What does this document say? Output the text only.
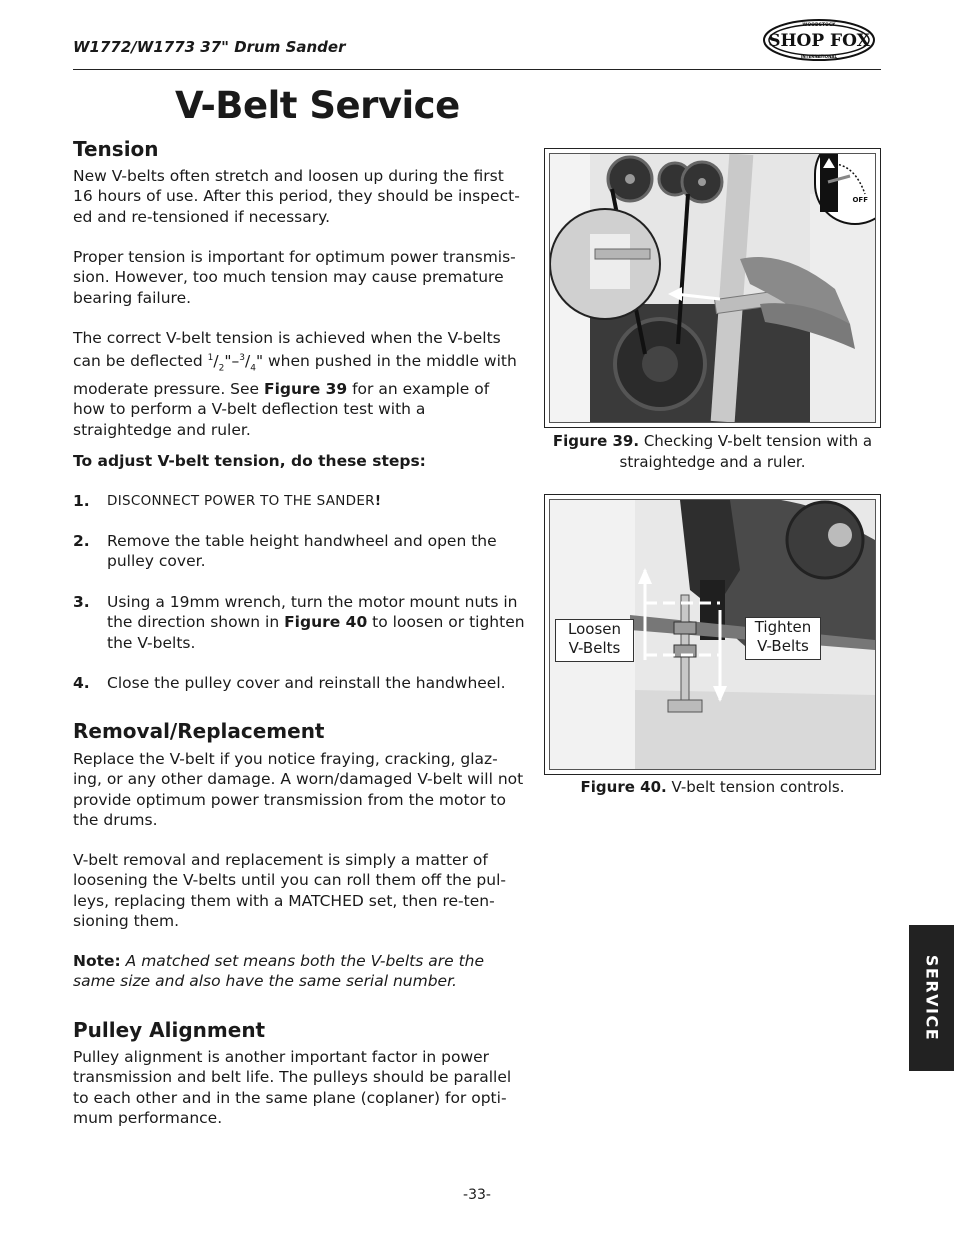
W1772/W1773 37" Drum Sander
WOODSTOCK
SHOP FOX
INTERNATIONAL
V-Belt Service
Tension

New V-belts often stretch and loosen up during the first 16 hours of use. After this period, they should be inspect-ed and re-tensioned if necessary.

Proper tension is important for optimum power transmis-sion. However, too much tension may cause premature bearing failure.

The correct V-belt tension is achieved when the V-belts can be deflected $^1/_2"-^3/_4$" when pushed in the middle with moderate pressure. See Figure 39 for an example of how to perform a V-belt deflection test with a straightedge and ruler.

To adjust V-belt tension, do these steps:

1. DISCONNECT POWER TO THE SANDER!
2. Remove the table height handwheel and open the pulley cover.
3. Using a 19mm wrench, turn the motor mount nuts in the direction shown in Figure 40 to loosen or tighten the V-belts.
4. Close the pulley cover and reinstall the handwheel.
Removal/Replacement

Replace the V-belt if you notice fraying, cracking, glaz-ing, or any other damage. A worn/damaged V-belt will not provide optimum power transmission from the motor to the drums.

V-belt removal and replacement is simply a matter of loosening the V-belts until you can roll them off the pul-leys, replacing them with a MATCHED set, then re-ten-sioning them.

Note: A matched set means both the V-belts are the same size and also have the same serial number.

Pulley Alignment

Pulley alignment is another important factor in power transmission and belt life. The pulleys should be parallel to each other and in the same plane (coplaner) for opti-mum performance.

OFF
Figure 39. Checking V-belt tension with a straightedge and a ruler.
Loosen
V-Belts
Tighten
V-Belts
Figure 40. V-belt tension controls.
SERVICE
-33-
